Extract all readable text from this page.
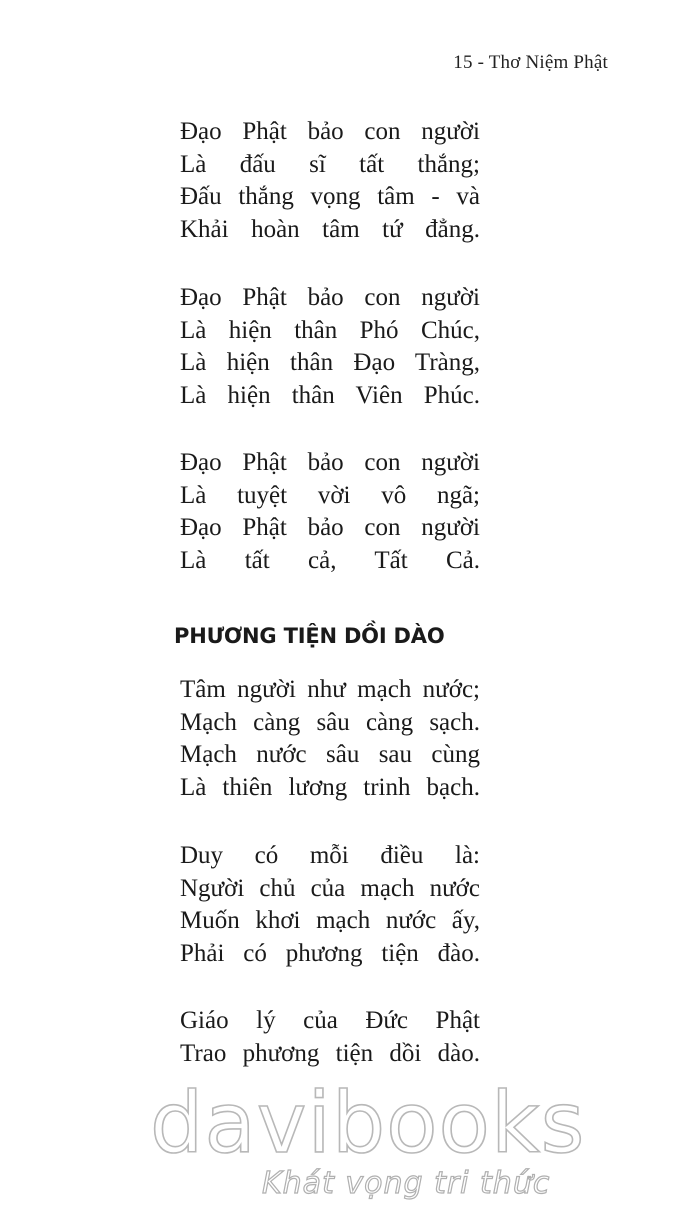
15 - Thơ Niệm Phật
Đạo Phật bảo con người
Là đấu sĩ tất thắng;
Đấu thắng vọng tâm - và
Khải hoàn tâm tứ đẳng.
Đạo Phật bảo con người
Là hiện thân Phó Chúc,
Là hiện thân Đạo Tràng,
Là hiện thân Viên Phúc.
Đạo Phật bảo con người
Là tuyệt vời vô ngã;
Đạo Phật bảo con người
Là tất cả, Tất Cả.
PHƯƠNG TIỆN DỒI DÀO
Tâm người như mạch nước;
Mạch càng sâu càng sạch.
Mạch nước sâu sau cùng
Là thiên lương trinh bạch.
Duy có mỗi điều là:
Người chủ của mạch nước
Muốn khơi mạch nước ấy,
Phải có phương tiện đào.
Giáo lý của Đức Phật
Trao phương tiện dồi dào.
davibooks
Khát vọng tri thức
